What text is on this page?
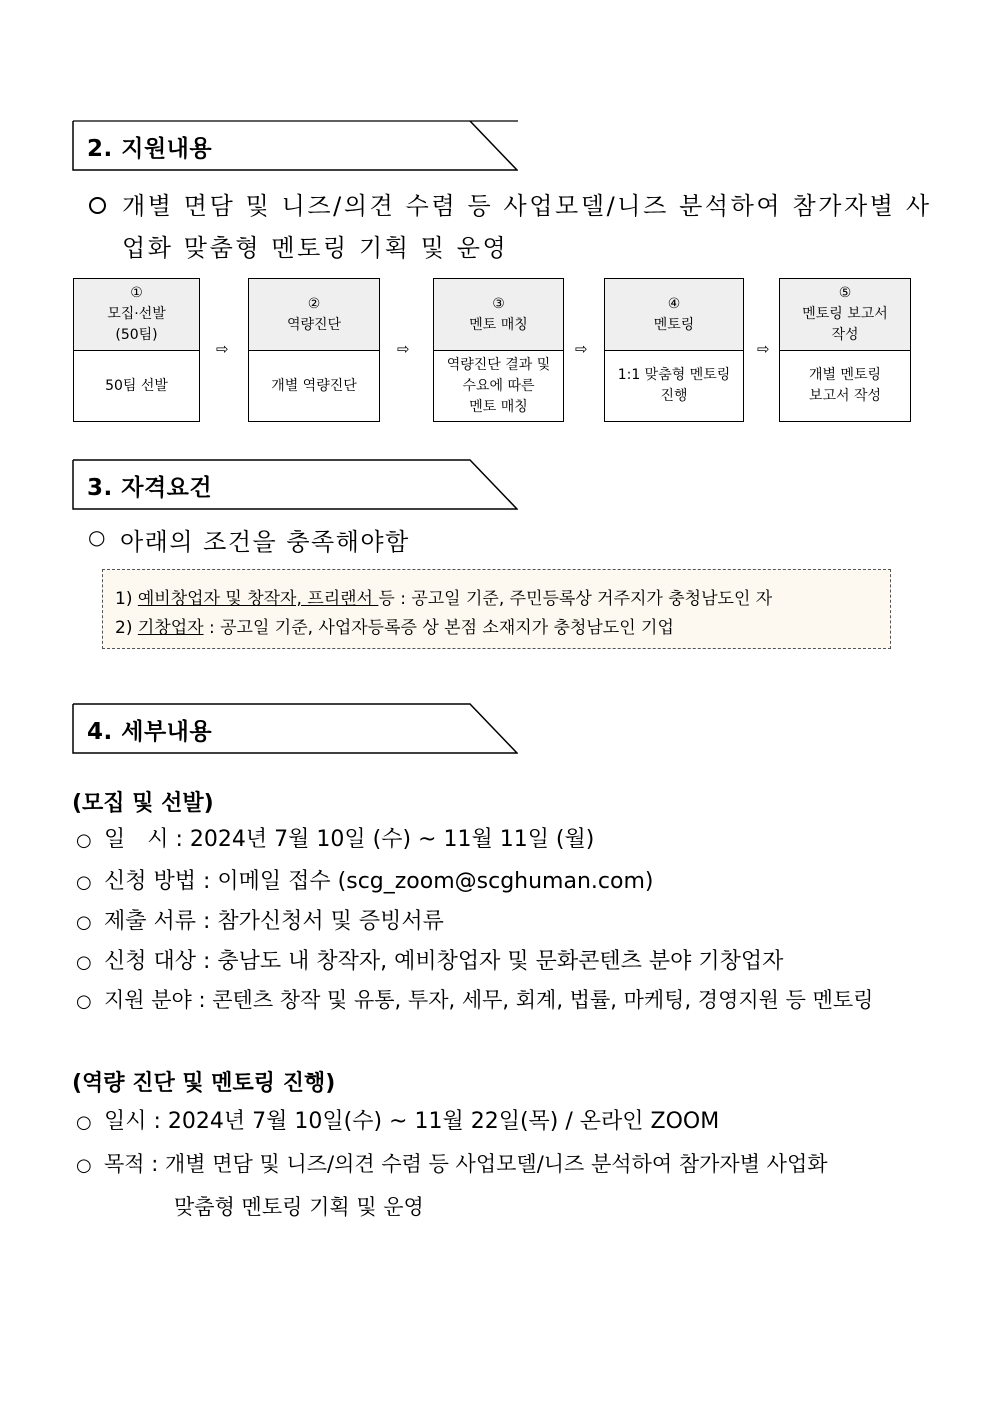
2. 지원내용
개별 면담 및 니즈/의견 수렴 등 사업모델/니즈 분석하여 참가자별 사
업화 맞춤형 멘토링 기획 및 운영
①
모집·선발
(50팀)
50팀 선발
⇨
②
역량진단
개별 역량진단
⇨
③
멘토 매칭
역량진단 결과 및
수요에 따른
멘토 매칭
⇨
④
멘토링
1:1 맞춤형 멘토링
진행
⇨
⑤
멘토링 보고서
작성
개별 멘토링
보고서 작성
3. 자격요건
○ 아래의 조건을 충족해야함
1) 예비창업자 및 창작자, 프리랜서 등 : 공고일 기준, 주민등록상 거주지가 충청남도인 자
2) 기창업자 : 공고일 기준, 사업자등록증 상 본점 소재지가 충청남도인 기업
4. 세부내용
(모집 및 선발)
○ 일　시 : 2024년 7월 10일 (수) ~ 11월 11일 (월)
○ 신청 방법 : 이메일 접수 (scg_zoom@scghuman.com)
○ 제출 서류 : 참가신청서 및 증빙서류
○ 신청 대상 : 충남도 내 창작자, 예비창업자 및 문화콘텐츠 분야 기창업자
○ 지원 분야 : 콘텐츠 창작 및 유통, 투자, 세무, 회계, 법률, 마케팅, 경영지원 등 멘토링
(역량 진단 및 멘토링 진행)
○ 일시 : 2024년 7월 10일(수) ~ 11월 22일(목) / 온라인 ZOOM
○ 목적 : 개별 면담 및 니즈/의견 수렴 등 사업모델/니즈 분석하여 참가자별 사업화
맞춤형 멘토링 기획 및 운영
